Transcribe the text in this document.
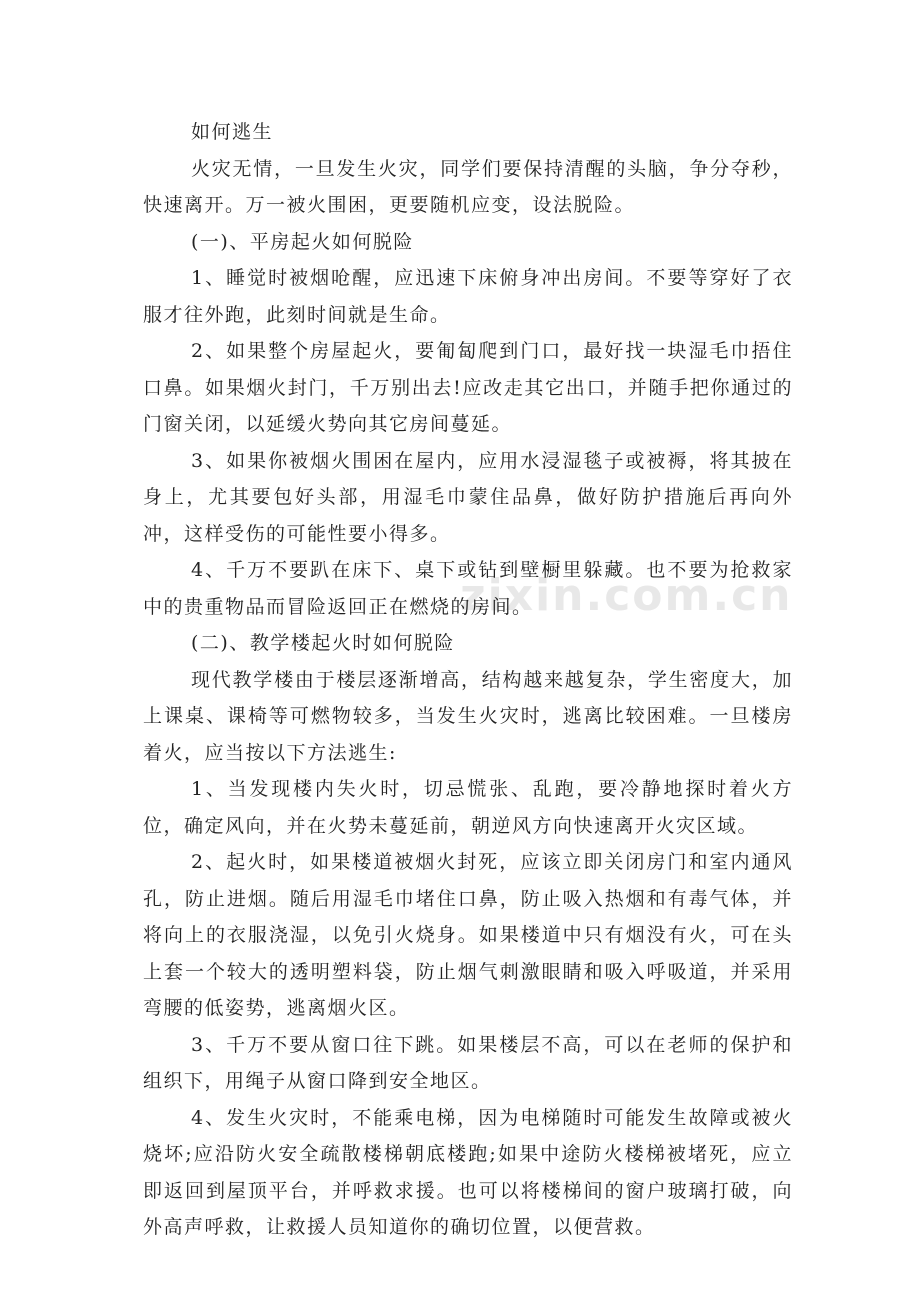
zixin.com.cn

如何逃生

火灾无情，一旦发生火灾，同学们要保持清醒的头脑，争分夺秒，快速离开。万一被火围困，更要随机应变，设法脱险。

(一)、平房起火如何脱险

1、睡觉时被烟呛醒，应迅速下床俯身冲出房间。不要等穿好了衣服才往外跑，此刻时间就是生命。

2、如果整个房屋起火，要匍匐爬到门口，最好找一块湿毛巾捂住口鼻。如果烟火封门，千万别出去!应改走其它出口，并随手把你通过的门窗关闭，以延缓火势向其它房间蔓延。

3、如果你被烟火围困在屋内，应用水浸湿毯子或被褥，将其披在身上，尤其要包好头部，用湿毛巾蒙住品鼻，做好防护措施后再向外冲，这样受伤的可能性要小得多。

4、千万不要趴在床下、桌下或钻到壁橱里躲藏。也不要为抢救家中的贵重物品而冒险返回正在燃烧的房间。

(二)、教学楼起火时如何脱险

现代教学楼由于楼层逐渐增高，结构越来越复杂，学生密度大，加上课桌、课椅等可燃物较多，当发生火灾时，逃离比较困难。一旦楼房着火，应当按以下方法逃生:

1、当发现楼内失火时，切忌慌张、乱跑，要冷静地探时着火方位，确定风向，并在火势未蔓延前，朝逆风方向快速离开火灾区域。

2、起火时，如果楼道被烟火封死，应该立即关闭房门和室内通风孔，防止进烟。随后用湿毛巾堵住口鼻，防止吸入热烟和有毒气体，并将向上的衣服浇湿，以免引火烧身。如果楼道中只有烟没有火，可在头上套一个较大的透明塑料袋，防止烟气刺激眼睛和吸入呼吸道，并采用弯腰的低姿势，逃离烟火区。

3、千万不要从窗口往下跳。如果楼层不高，可以在老师的保护和组织下，用绳子从窗口降到安全地区。

4、发生火灾时，不能乘电梯，因为电梯随时可能发生故障或被火烧坏;应沿防火安全疏散楼梯朝底楼跑;如果中途防火楼梯被堵死，应立即返回到屋顶平台，并呼救求援。也可以将楼梯间的窗户玻璃打破，向外高声呼救，让救援人员知道你的确切位置，以便营救。
